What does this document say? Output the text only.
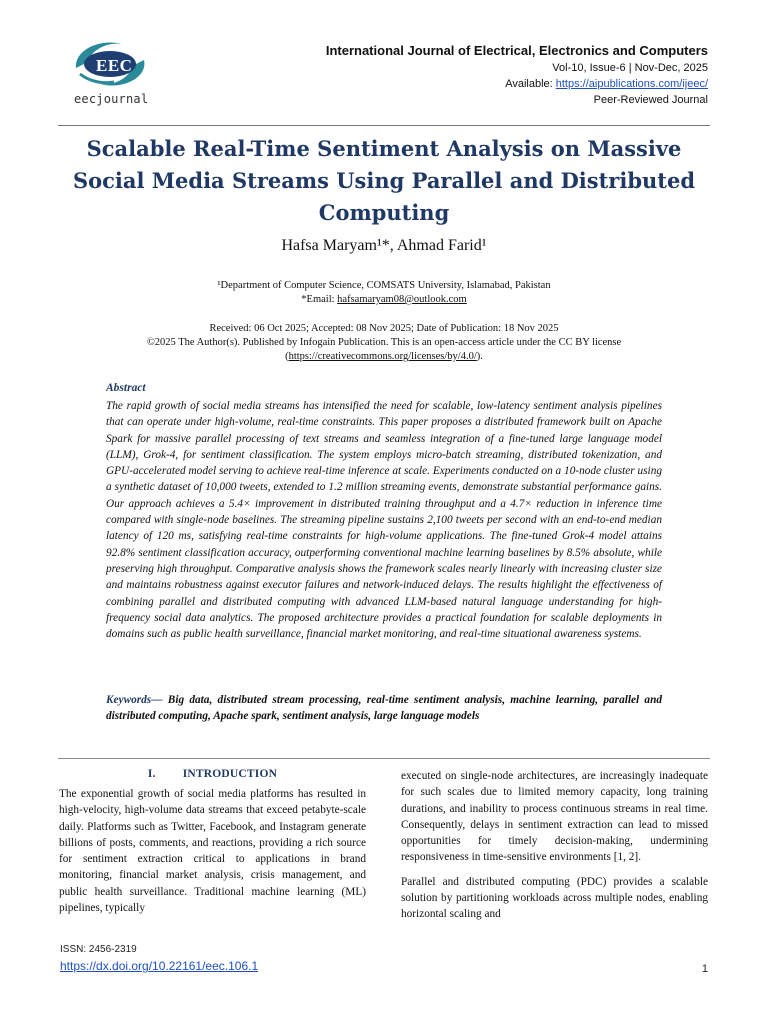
EEC
eecjournal
International Journal of Electrical, Electronics and Computers
Vol-10, Issue-6 | Nov-Dec, 2025
Available: https://aipublications.com/ijeec/
Peer-Reviewed Journal
Scalable Real-Time Sentiment Analysis on Massive Social Media Streams Using Parallel and Distributed Computing
Hafsa Maryam¹*, Ahmad Farid¹
¹Department of Computer Science, COMSATS University, Islamabad, Pakistan
*Email: hafsamaryam08@outlook.com
Received: 06 Oct 2025; Accepted: 08 Nov 2025; Date of Publication: 18 Nov 2025
©2025 The Author(s). Published by Infogain Publication. This is an open-access article under the CC BY license
(https://creativecommons.org/licenses/by/4.0/).
Abstract

The rapid growth of social media streams has intensified the need for scalable, low-latency sentiment analysis pipelines that can operate under high-volume, real-time constraints. This paper proposes a distributed framework built on Apache Spark for massive parallel processing of text streams and seamless integration of a fine-tuned large language model (LLM), Grok-4, for sentiment classification. The system employs micro-batch streaming, distributed tokenization, and GPU-accelerated model serving to achieve real-time inference at scale. Experiments conducted on a 10-node cluster using a synthetic dataset of 10,000 tweets, extended to 1.2 million streaming events, demonstrate substantial performance gains. Our approach achieves a 5.4× improvement in distributed training throughput and a 4.7× reduction in inference time compared with single-node baselines. The streaming pipeline sustains 2,100 tweets per second with an end-to-end median latency of 120 ms, satisfying real-time constraints for high-volume applications. The fine-tuned Grok-4 model attains 92.8% sentiment classification accuracy, outperforming conventional machine learning baselines by 8.5% absolute, while preserving high throughput. Comparative analysis shows the framework scales nearly linearly with increasing cluster size and maintains robustness against executor failures and network-induced delays. The results highlight the effectiveness of combining parallel and distributed computing with advanced LLM-based natural language understanding for high-frequency social data analytics. The proposed architecture provides a practical foundation for scalable deployments in domains such as public health surveillance, financial market monitoring, and real-time situational awareness systems.

Keywords— Big data, distributed stream processing, real-time sentiment analysis, machine learning, parallel and distributed computing, Apache spark, sentiment analysis, large language models

I. INTRODUCTION

The exponential growth of social media platforms has resulted in high-velocity, high-volume data streams that exceed petabyte-scale daily. Platforms such as Twitter, Facebook, and Instagram generate billions of posts, comments, and reactions, providing a rich source for sentiment extraction critical to applications in brand monitoring, financial market analysis, crisis management, and public health surveillance. Traditional machine learning (ML) pipelines, typically

executed on single-node architectures, are increasingly inadequate for such scales due to limited memory capacity, long training durations, and inability to process continuous streams in real time. Consequently, delays in sentiment extraction can lead to missed opportunities for timely decision-making, undermining responsiveness in time-sensitive environments [1, 2].

Parallel and distributed computing (PDC) provides a scalable solution by partitioning workloads across multiple nodes, enabling horizontal scaling and

ISSN: 2456-2319
https://dx.doi.org/10.22161/eec.106.1	1
